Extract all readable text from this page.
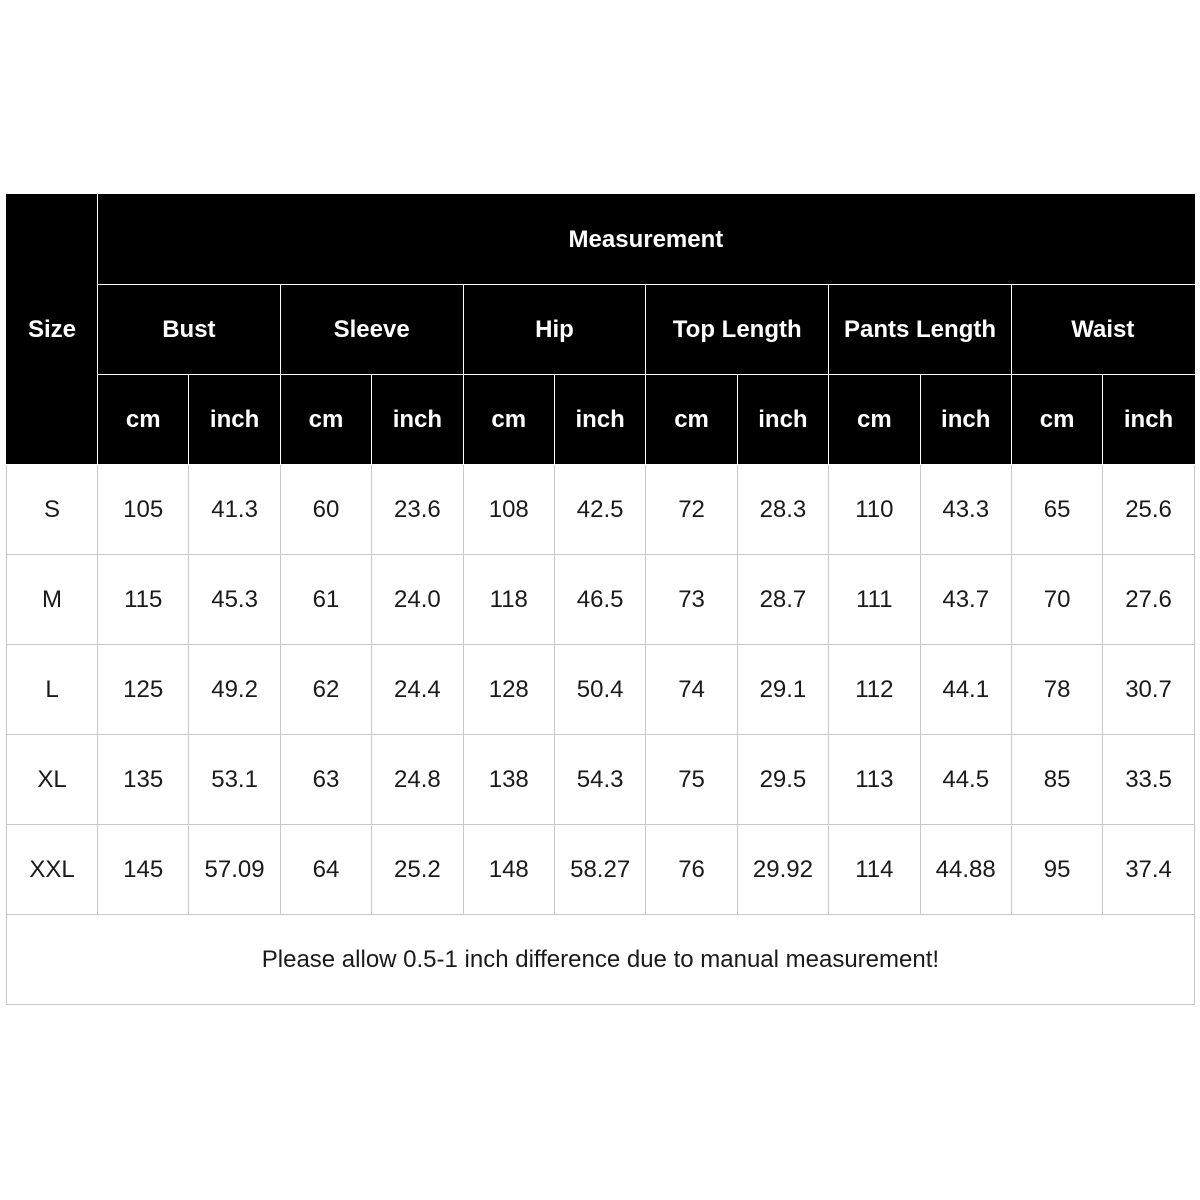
Size	Measurement											
	Bust		Sleeve		Hip		Top Length		Pants Length		Waist	
	cm	inch	cm	inch	cm	inch	cm	inch	cm	inch	cm	inch
S	105	41.3	60	23.6	108	42.5	72	28.3	110	43.3	65	25.6
M	115	45.3	61	24.0	118	46.5	73	28.7	111	43.7	70	27.6
L	125	49.2	62	24.4	128	50.4	74	29.1	112	44.1	78	30.7
XL	135	53.1	63	24.8	138	54.3	75	29.5	113	44.5	85	33.5
XXL	145	57.09	64	25.2	148	58.27	76	29.92	114	44.88	95	37.4
Please allow 0.5-1 inch difference due to manual measurement!												
